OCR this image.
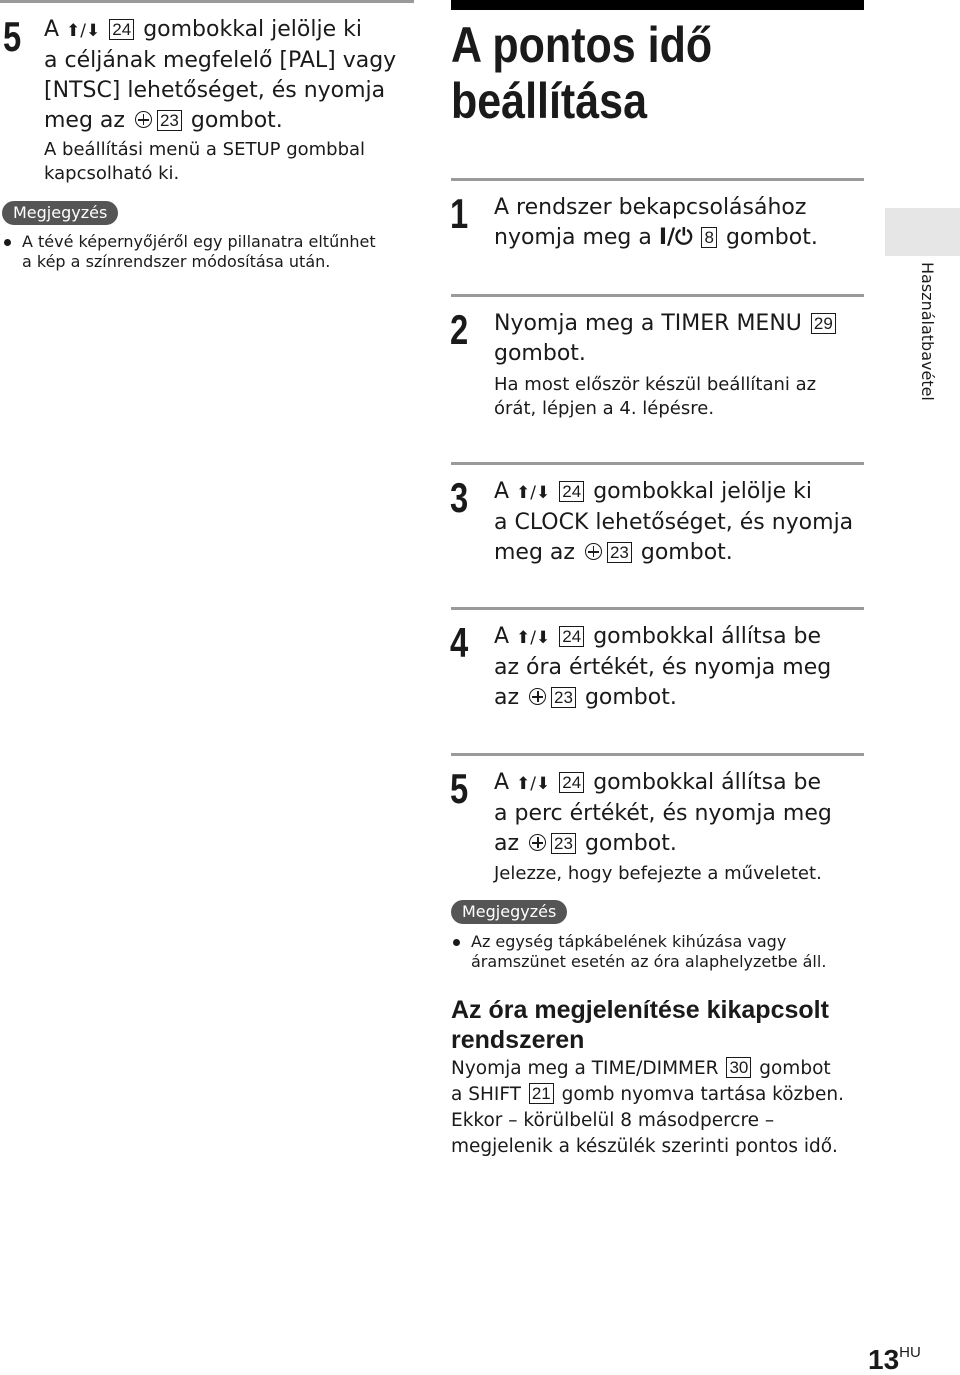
5 A ⬆/⬇ 24 gombokkal jelölje ki
a céljának megfelelő [PAL] vagy
[NTSC] lehetőséget, és nyomja
meg az 23 gombot.
A beállítási menü a SETUP gombbal
kapcsolható ki.
Megjegyzés
A tévé képernyőjéről egy pillanatra eltűnhet
a kép a színrendszer módosítása után.
A pontos idő
beállítása
1 A rendszer bekapcsolásához
nyomja meg a I/⏻ 8 gombot.
2 Nyomja meg a TIMER MENU 29
gombot.
Ha most először készül beállítani az
órát, lépjen a 4. lépésre.
Használatbavétel
3 A ⬆/⬇ 24 gombokkal jelölje ki
a CLOCK lehetőséget, és nyomja
meg az 23 gombot.
4 A ⬆/⬇ 24 gombokkal állítsa be
az óra értékét, és nyomja meg
az 23 gombot.
5 A ⬆/⬇ 24 gombokkal állítsa be
a perc értékét, és nyomja meg
az 23 gombot.
Jelezze, hogy befejezte a műveletet.
Megjegyzés
Az egység tápkábelének kihúzása vagy
áramszünet esetén az óra alaphelyzetbe áll.
Az óra megjelenítése kikapcsolt
rendszeren
Nyomja meg a TIME/DIMMER 30 gombot
a SHIFT 21 gomb nyomva tartása közben.
Ekkor – körülbelül 8 másodpercre –
megjelenik a készülék szerinti pontos idő.
$13^{HU}$
